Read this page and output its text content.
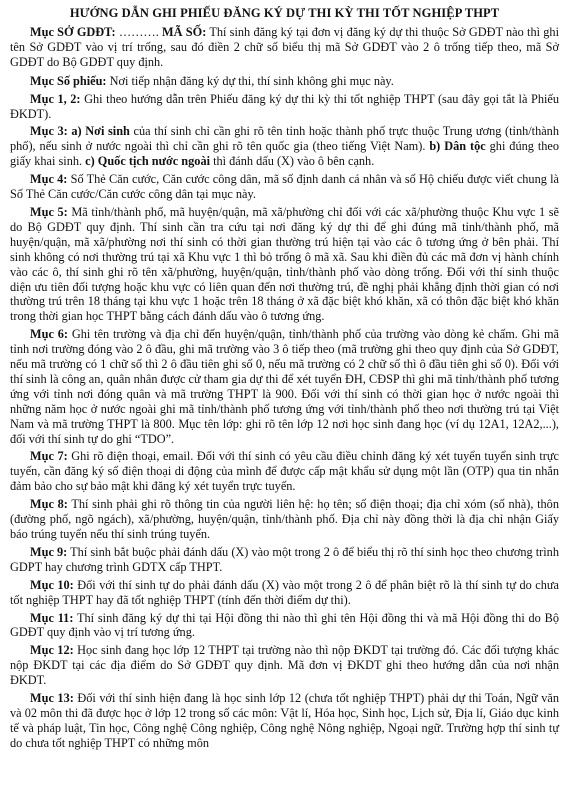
HƯỚNG DẪN GHI PHIẾU ĐĂNG KÝ DỰ THI KỲ THI TỐT NGHIỆP THPT

Mục SỞ GDĐT: ………. MÃ SỐ: Thí sinh đăng ký tại đơn vị đăng ký dự thi thuộc Sở GDĐT nào thì ghi tên Sở GDĐT vào vị trí trống, sau đó điền 2 chữ số biểu thị mã Sở GDĐT vào 2 ô trống tiếp theo, mã Sở GDĐT do Bộ GDĐT quy định.

Mục Số phiếu: Nơi tiếp nhận đăng ký dự thi, thí sinh không ghi mục này.

Mục 1, 2: Ghi theo hướng dẫn trên Phiếu đăng ký dự thi kỳ thi tốt nghiệp THPT (sau đây gọi tắt là Phiếu ĐKDT).

Mục 3: a) Nơi sinh của thí sinh chỉ cần ghi rõ tên tỉnh hoặc thành phố trực thuộc Trung ương (tỉnh/thành phố), nếu sinh ở nước ngoài thì chỉ cần ghi rõ tên quốc gia (theo tiếng Việt Nam). b) Dân tộc ghi đúng theo giấy khai sinh. c) Quốc tịch nước ngoài thì đánh dấu (X) vào ô bên cạnh.

Mục 4: Số Thẻ Căn cước, Căn cước công dân, mã số định danh cá nhân và số Hộ chiếu được viết chung là Số Thẻ Căn cước/Căn cước công dân tại mục này.

Mục 5: Mã tỉnh/thành phố, mã huyện/quận, mã xã/phường chỉ đối với các xã/phường thuộc Khu vực 1 sẽ do Bộ GDĐT quy định. Thí sinh cần tra cứu tại nơi đăng ký dự thi để ghi đúng mã tỉnh/thành phố, mã huyện/quận, mã xã/phường nơi thí sinh có thời gian thường trú hiện tại vào các ô tương ứng ở bên phải. Thí sinh không có nơi thường trú tại xã Khu vực 1 thì bỏ trống ô mã xã. Sau khi điền đủ các mã đơn vị hành chính vào các ô, thí sinh ghi rõ tên xã/phường, huyện/quận, tỉnh/thành phố vào dòng trống. Đối với thí sinh thuộc diện ưu tiên đối tượng hoặc khu vực có liên quan đến nơi thường trú, đề nghị phải khẳng định thời gian có nơi thường trú trên 18 tháng tại khu vực 1 hoặc trên 18 tháng ở xã đặc biệt khó khăn, xã có thôn đặc biệt khó khăn trong thời gian học THPT bằng cách đánh dấu vào ô tương ứng.

Mục 6: Ghi tên trường và địa chỉ đến huyện/quận, tỉnh/thành phố của trường vào dòng kẻ chấm. Ghi mã tỉnh nơi trường đóng vào 2 ô đầu, ghi mã trường vào 3 ô tiếp theo (mã trường ghi theo quy định của Sở GDĐT, nếu mã trường có 1 chữ số thì 2 ô đầu tiên ghi số 0, nếu mã trường có 2 chữ số thì ô đầu tiên ghi số 0). Đối với thí sinh là công an, quân nhân được cử tham gia dự thi để xét tuyển ĐH, CĐSP thì ghi mã tỉnh/thành phố tương ứng với tỉnh nơi đóng quân và mã trường THPT là 900. Đối với thí sinh có thời gian học ở nước ngoài thì những năm học ở nước ngoài ghi mã tỉnh/thành phố tương ứng với tỉnh/thành phố theo nơi thường trú tại Việt Nam và mã trường THPT là 800. Mục tên lớp: ghi rõ tên lớp 12 nơi học sinh đang học (ví dụ 12A1, 12A2,...), đối với thí sinh tự do ghi “TDO”.

Mục 7: Ghi rõ điện thoại, email. Đối với thí sinh có yêu cầu điều chỉnh đăng ký xét tuyển tuyển sinh trực tuyến, cần đăng ký số điện thoại di động của mình để được cấp mật khẩu sử dụng một lần (OTP) qua tin nhắn đảm bảo cho sự bảo mật khi đăng ký xét tuyển trực tuyến.

Mục 8: Thí sinh phải ghi rõ thông tin của người liên hệ: họ tên; số điện thoại; địa chỉ xóm (số nhà), thôn (đường phố, ngõ ngách), xã/phường, huyện/quận, tỉnh/thành phố. Địa chỉ này đồng thời là địa chỉ nhận Giấy báo trúng tuyển nếu thí sinh trúng tuyển.

Mục 9: Thí sinh bắt buộc phải đánh dấu (X) vào một trong 2 ô để biểu thị rõ thí sinh học theo chương trình GDPT hay chương trình GDTX cấp THPT.

Mục 10: Đối với thí sinh tự do phải đánh dấu (X) vào một trong 2 ô để phân biệt rõ là thí sinh tự do chưa tốt nghiệp THPT hay đã tốt nghiệp THPT (tính đến thời điểm dự thi).

Mục 11: Thí sinh đăng ký dự thi tại Hội đồng thi nào thì ghi tên Hội đồng thi và mã Hội đồng thi do Bộ GDĐT quy định vào vị trí tương ứng.

Mục 12: Học sinh đang học lớp 12 THPT tại trường nào thì nộp ĐKDT tại trường đó. Các đối tượng khác nộp ĐKDT tại các địa điểm do Sở GDĐT quy định. Mã đơn vị ĐKDT ghi theo hướng dẫn của nơi nhận ĐKDT.

Mục 13: Đối với thí sinh hiện đang là học sinh lớp 12 (chưa tốt nghiệp THPT) phải dự thi Toán, Ngữ văn và 02 môn thi đã được học ở lớp 12 trong số các môn: Vật lí, Hóa học, Sinh học, Lịch sử, Địa lí, Giáo dục kinh tế và pháp luật, Tin học, Công nghệ Công nghiệp, Công nghệ Nông nghiệp, Ngoại ngữ. Trường hợp thí sinh tự do chưa tốt nghiệp THPT có những môn
